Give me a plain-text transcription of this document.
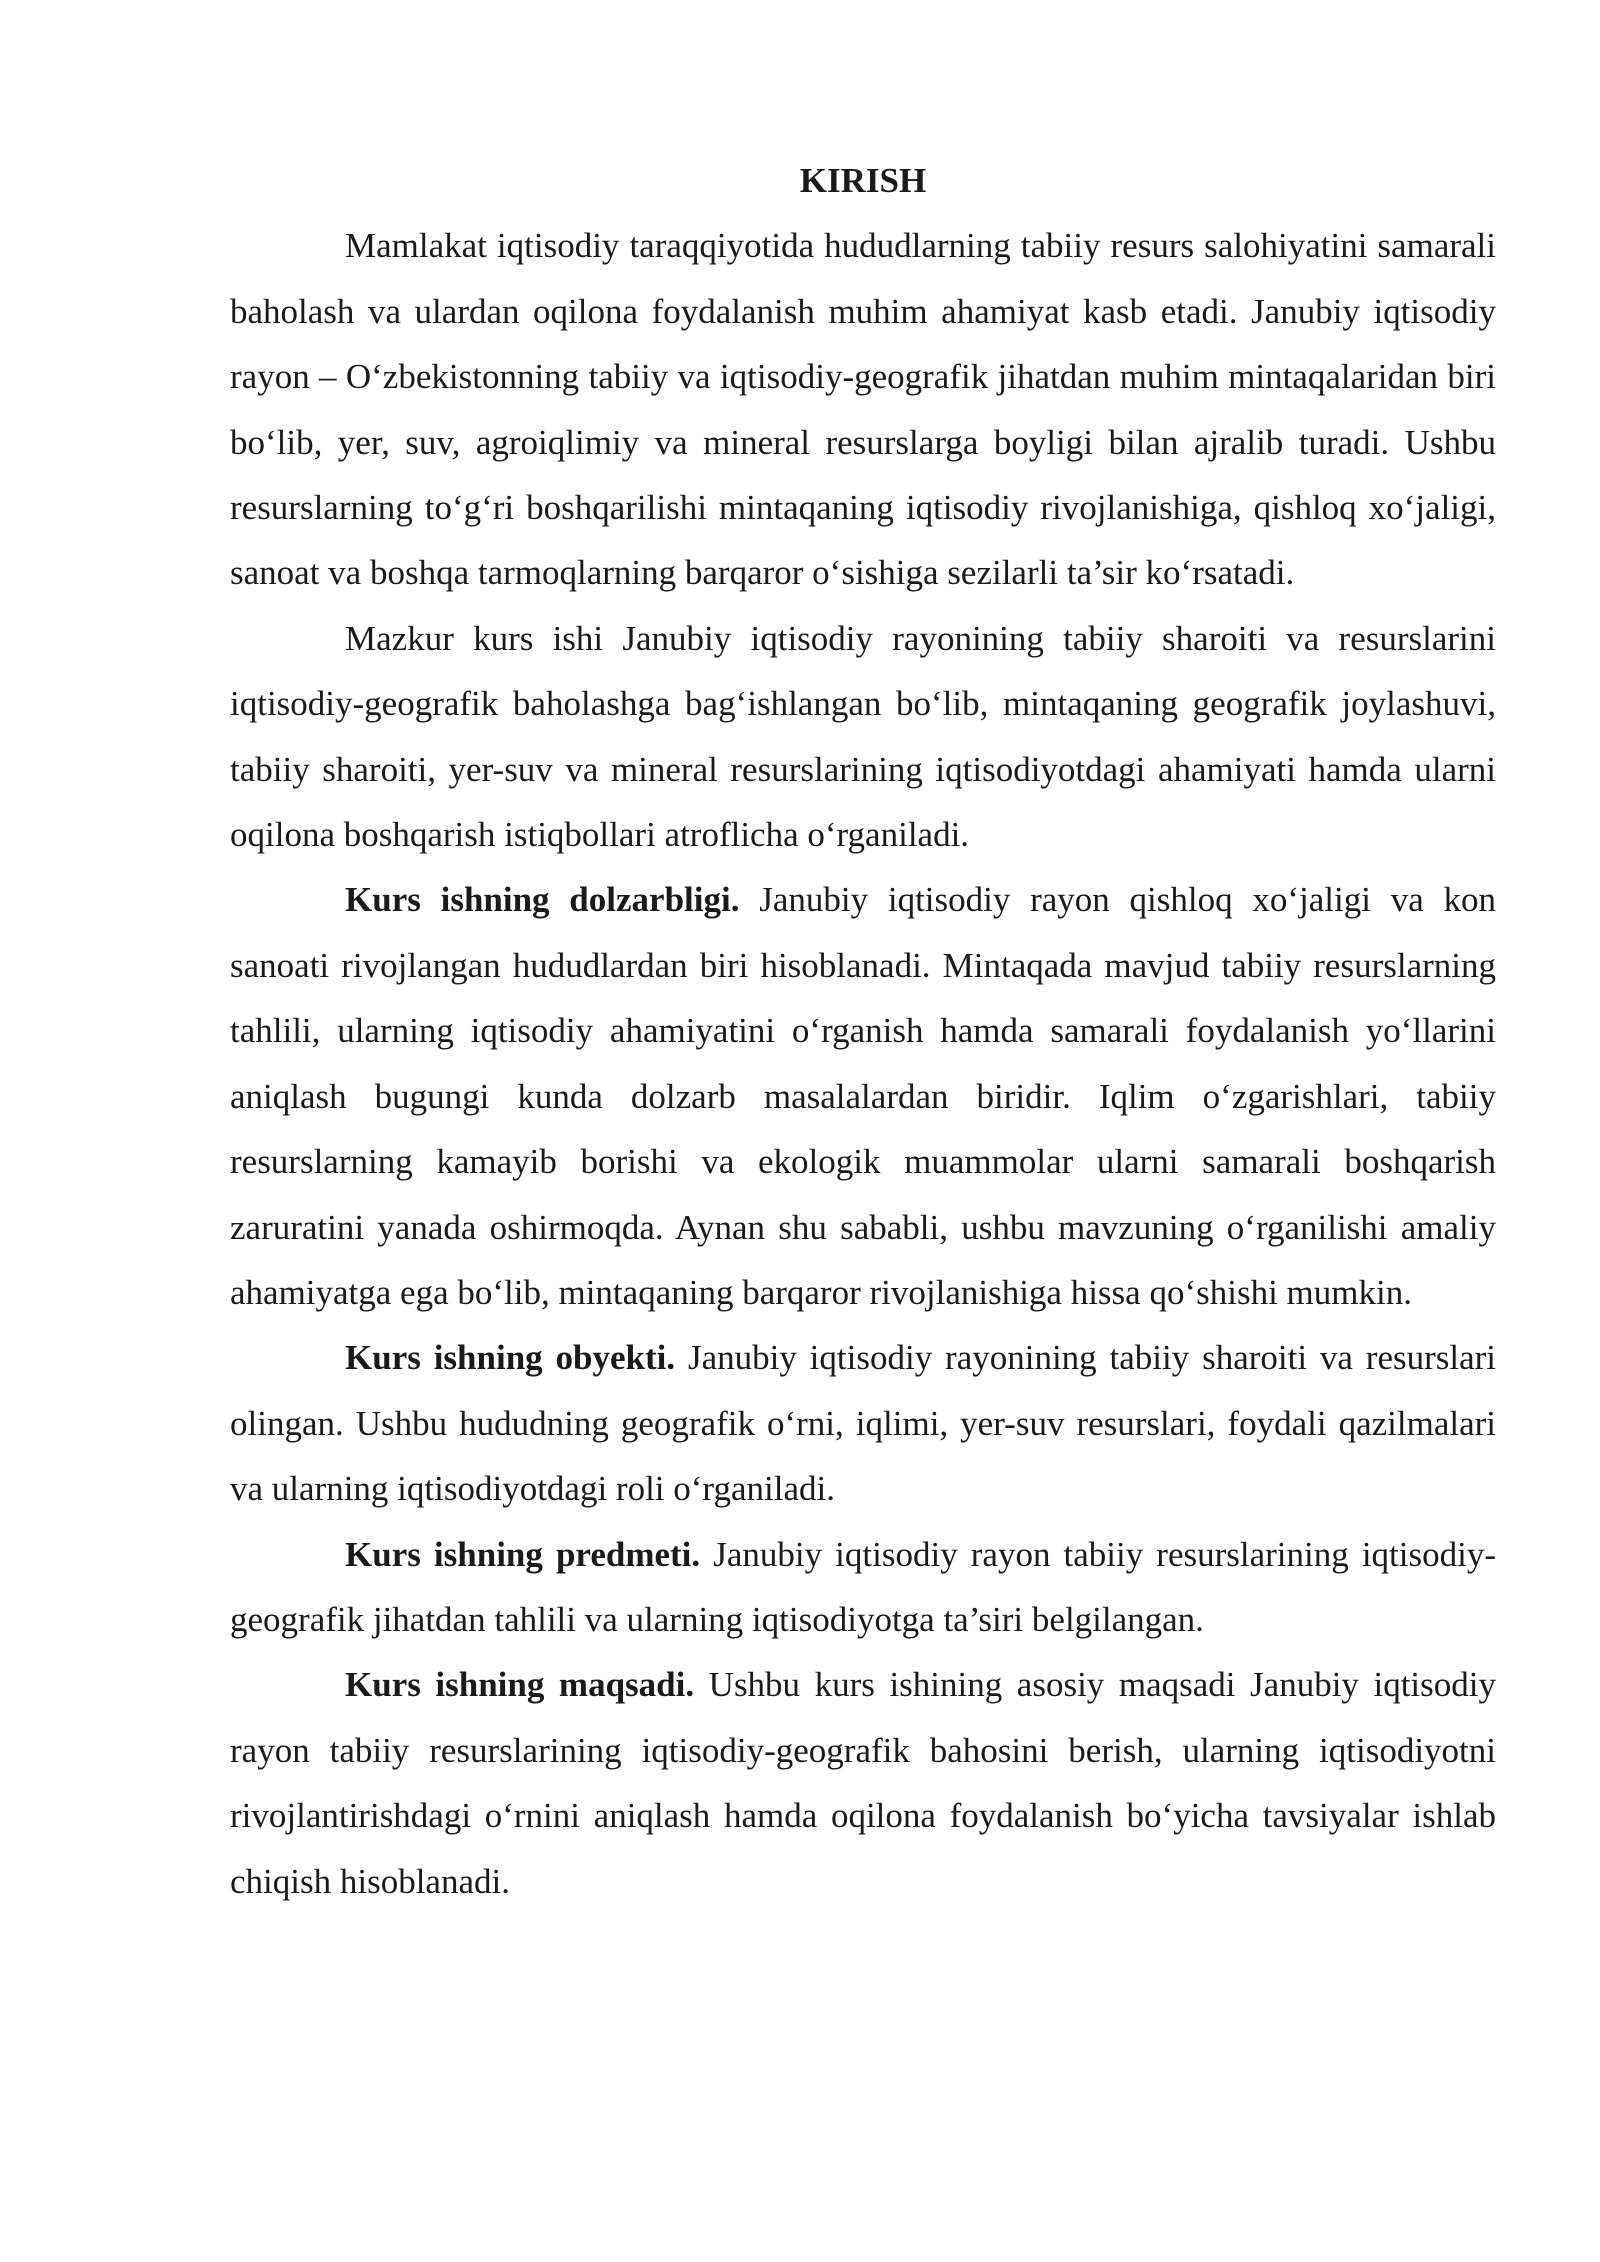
KIRISH

Mamlakat iqtisodiy taraqqiyotida hududlarning tabiiy resurs salohiyatini samarali baholash va ulardan oqilona foydalanish muhim ahamiyat kasb etadi. Janubiy iqtisodiy rayon – O‘zbekistonning tabiiy va iqtisodiy-geografik jihatdan muhim mintaqalaridan biri bo‘lib, yer, suv, agroiqlimiy va mineral resurslarga boyligi bilan ajralib turadi. Ushbu resurslarning to‘g‘ri boshqarilishi mintaqaning iqtisodiy rivojlanishiga, qishloq xo‘jaligi, sanoat va boshqa tarmoqlarning barqaror o‘sishiga sezilarli ta’sir ko‘rsatadi.

Mazkur kurs ishi Janubiy iqtisodiy rayonining tabiiy sharoiti va resurslarini iqtisodiy-geografik baholashga bag‘ishlangan bo‘lib, mintaqaning geografik joylashuvi, tabiiy sharoiti, yer-suv va mineral resurslarining iqtisodiyotdagi ahamiyati hamda ularni oqilona boshqarish istiqbollari atroflicha o‘rganiladi.

Kurs ishning dolzarbligi. Janubiy iqtisodiy rayon qishloq xo‘jaligi va kon sanoati rivojlangan hududlardan biri hisoblanadi. Mintaqada mavjud tabiiy resurslarning tahlili, ularning iqtisodiy ahamiyatini o‘rganish hamda samarali foydalanish yo‘llarini aniqlash bugungi kunda dolzarb masalalardan biridir. Iqlim o‘zgarishlari, tabiiy resurslarning kamayib borishi va ekologik muammolar ularni samarali boshqarish zaruratini yanada oshirmoqda. Aynan shu sababli, ushbu mavzuning o‘rganilishi amaliy ahamiyatga ega bo‘lib, mintaqaning barqaror rivojlanishiga hissa qo‘shishi mumkin.

Kurs ishning obyekti. Janubiy iqtisodiy rayonining tabiiy sharoiti va resurslari olingan. Ushbu hududning geografik o‘rni, iqlimi, yer-suv resurslari, foydali qazilmalari va ularning iqtisodiyotdagi roli o‘rganiladi.

Kurs ishning predmeti. Janubiy iqtisodiy rayon tabiiy resurslarining iqtisodiy-geografik jihatdan tahlili va ularning iqtisodiyotga ta’siri belgilangan.

Kurs ishning maqsadi. Ushbu kurs ishining asosiy maqsadi Janubiy iqtisodiy rayon tabiiy resurslarining iqtisodiy-geografik bahosini berish, ularning iqtisodiyotni rivojlantirishdagi o‘rnini aniqlash hamda oqilona foydalanish bo‘yicha tavsiyalar ishlab chiqish hisoblanadi.
